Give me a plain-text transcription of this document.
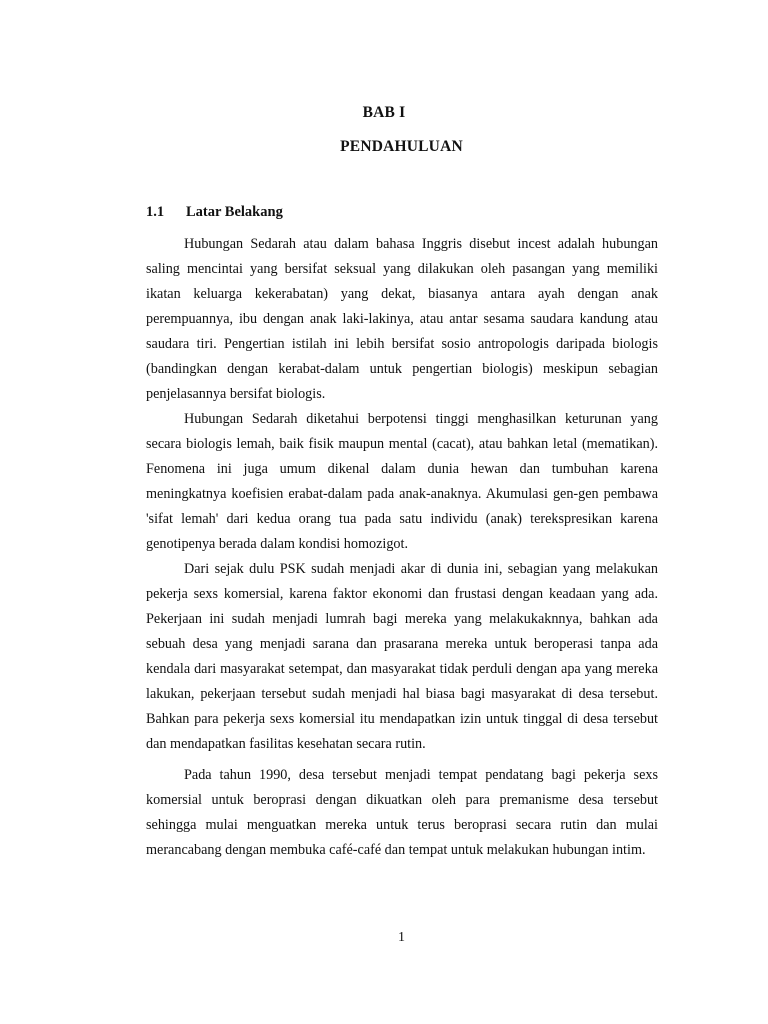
BAB I
PENDAHULUAN
1.1 Latar Belakang

Hubungan Sedarah atau dalam bahasa Inggris disebut incest adalah hubungan saling mencintai yang bersifat seksual yang dilakukan oleh pasangan yang memiliki ikatan keluarga kekerabatan) yang dekat, biasanya antara ayah dengan anak perempuannya, ibu dengan anak laki-lakinya, atau antar sesama saudara kandung atau saudara tiri. Pengertian istilah ini lebih bersifat sosio antropologis daripada biologis (bandingkan dengan kerabat-dalam untuk pengertian biologis) meskipun sebagian penjelasannya bersifat biologis.

Hubungan Sedarah diketahui berpotensi tinggi menghasilkan keturunan yang secara biologis lemah, baik fisik maupun mental (cacat), atau bahkan letal (mematikan). Fenomena ini juga umum dikenal dalam dunia hewan dan tumbuhan karena meningkatnya koefisien erabat-dalam pada anak-anaknya. Akumulasi gen-gen pembawa 'sifat lemah' dari kedua orang tua pada satu individu (anak) terekspresikan karena genotipenya berada dalam kondisi homozigot.

Dari sejak dulu PSK sudah menjadi akar di dunia ini, sebagian yang melakukan pekerja sexs komersial, karena faktor ekonomi dan frustasi dengan keadaan yang ada. Pekerjaan ini sudah menjadi lumrah bagi mereka yang melakukaknnya, bahkan ada sebuah desa yang menjadi sarana dan prasarana mereka untuk beroperasi tanpa ada kendala dari masyarakat setempat, dan masyarakat tidak perduli dengan apa yang mereka lakukan, pekerjaan tersebut sudah menjadi hal biasa bagi masyarakat di desa tersebut. Bahkan para pekerja sexs komersial itu mendapatkan izin untuk tinggal di desa tersebut dan mendapatkan fasilitas kesehatan secara rutin.

Pada tahun 1990, desa tersebut menjadi tempat pendatang bagi pekerja sexs komersial untuk beroprasi dengan dikuatkan oleh para premanisme desa tersebut sehingga mulai menguatkan mereka untuk terus beroprasi secara rutin dan mulai merancabang dengan membuka café-café dan tempat untuk melakukan hubungan intim.

1
